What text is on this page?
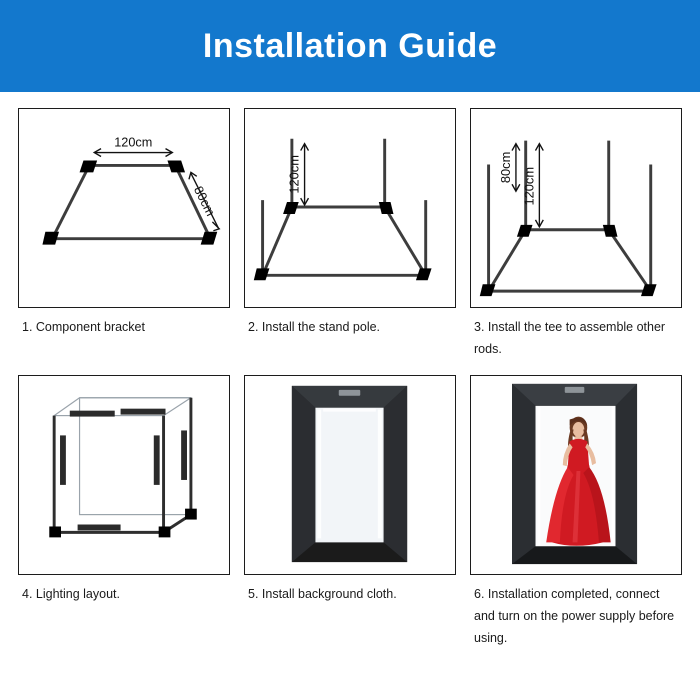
Installation Guide
120cm
80cm
1. Component bracket
120cm
2. Install the stand pole.
80cm 120cm
3. Install the tee to assemble other rods.
4. Lighting layout.	5. Install background cloth.	6. Installation completed, connect and turn on the power supply before using.
